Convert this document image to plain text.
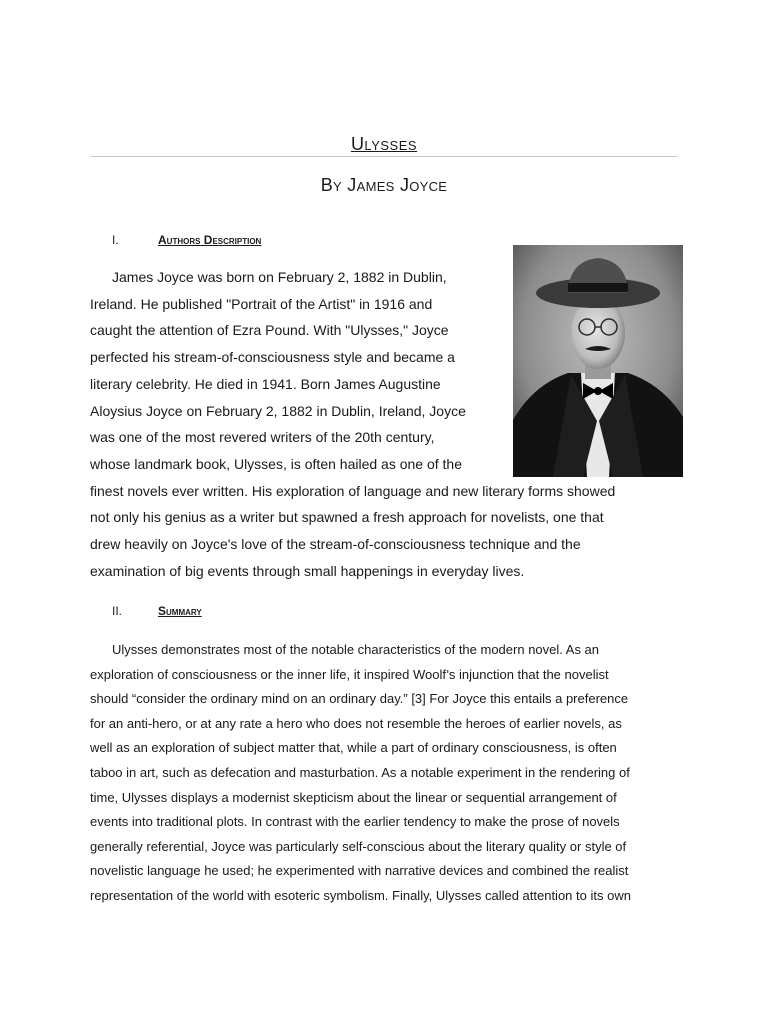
Ulysses
By James Joyce
I.	Authors Description
James Joyce was born on February 2, 1882 in Dublin,
Ireland. He published "Portrait of the Artist" in 1916 and
caught the attention of Ezra Pound. With "Ulysses," Joyce
perfected his stream-of-consciousness style and became a
literary celebrity. He died in 1941. Born James Augustine
Aloysius Joyce on February 2, 1882 in Dublin, Ireland, Joyce
was one of the most revered writers of the 20th century,
whose landmark book, Ulysses, is often hailed as one of the
finest novels ever written. His exploration of language and new literary forms showed
not only his genius as a writer but spawned a fresh approach for novelists, one that
drew heavily on Joyce's love of the stream-of-consciousness technique and the
examination of big events through small happenings in everyday lives.
II.	Summary
Ulysses demonstrates most of the notable characteristics of the modern novel. As an
exploration of consciousness or the inner life, it inspired Woolf’s injunction that the novelist
should “consider the ordinary mind on an ordinary day.” [3] For Joyce this entails a preference
for an anti-hero, or at any rate a hero who does not resemble the heroes of earlier novels, as
well as an exploration of subject matter that, while a part of ordinary consciousness, is often
taboo in art, such as defecation and masturbation. As a notable experiment in the rendering of
time, Ulysses displays a modernist skepticism about the linear or sequential arrangement of
events into traditional plots. In contrast with the earlier tendency to make the prose of novels
generally referential, Joyce was particularly self-conscious about the literary quality or style of
novelistic language he used; he experimented with narrative devices and combined the realist
representation of the world with esoteric symbolism. Finally, Ulysses called attention to its own
